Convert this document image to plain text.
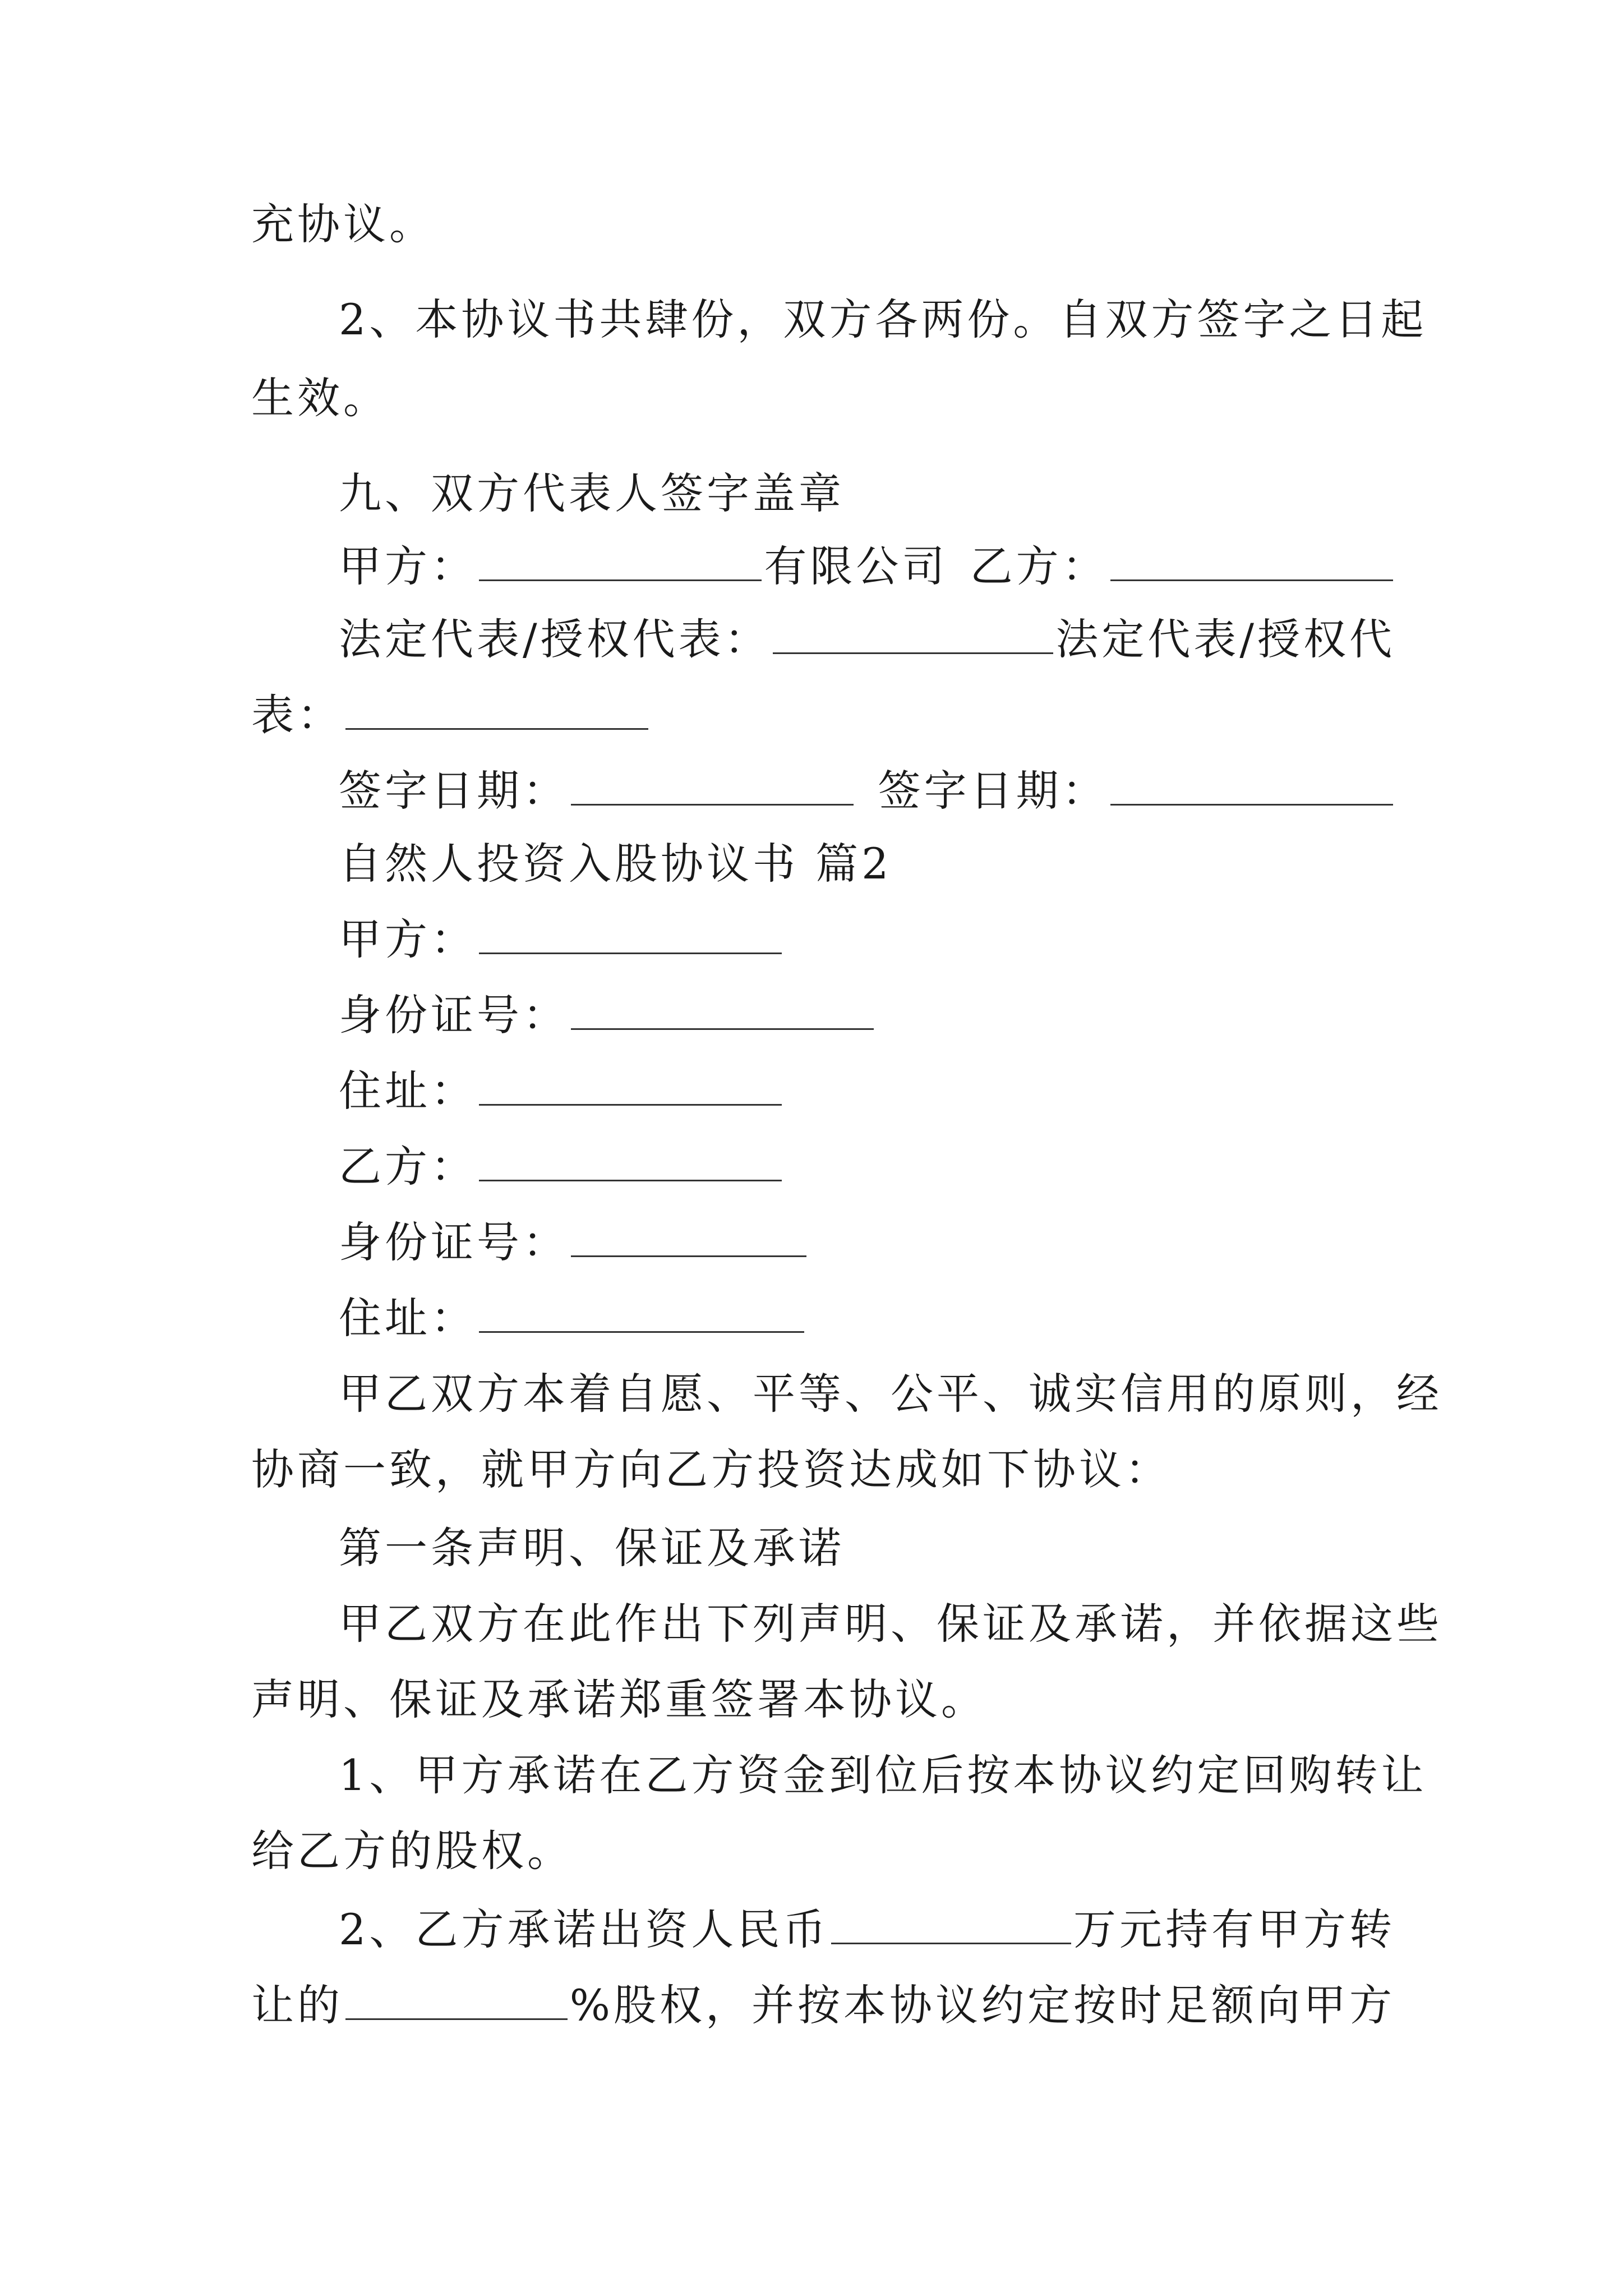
充协议。
2、本协议书共肆份，双方各两份。自双方签字之日起
生效。
九、双方代表人签字盖章
甲方：	有限公司 乙方：
法定代表/授权代表：	法定代表/授权代
表：
签字日期：	签字日期：
自然人投资入股协议书 篇2
甲方：
身份证号：
住址：
乙方：
身份证号：
住址：
甲乙双方本着自愿、平等、公平、诚实信用的原则，经
协商一致，就甲方向乙方投资达成如下协议：
第一条声明、保证及承诺
甲乙双方在此作出下列声明、保证及承诺，并依据这些
声明、保证及承诺郑重签署本协议。
1、甲方承诺在乙方资金到位后按本协议约定回购转让
给乙方的股权。
2、乙方承诺出资人民币	万元持有甲方转
让的	%股权，并按本协议约定按时足额向甲方
